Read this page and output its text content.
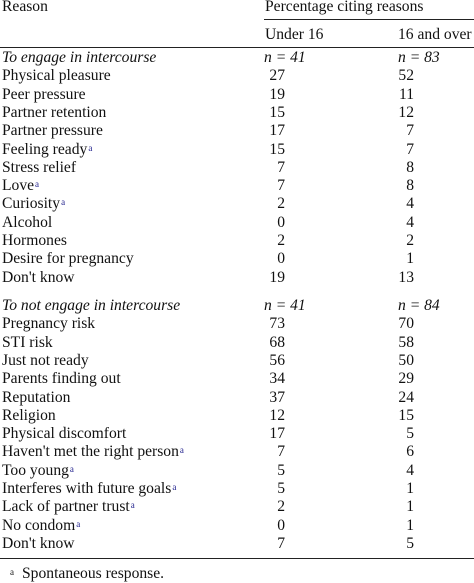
Reason	Percentage citing reasons
Under 16	16 and over
To engage in intercourse	n = 41	n = 83
Physical pleasure	27	52
Peer pressure	19	11
Partner retention	15	12
Partner pressure	17	7
Feeling ready$^a$	15	7
Stress relief	7	8
Love$^a$	7	8
Curiosity$^a$	2	4
Alcohol	0	4
Hormones	2	2
Desire for pregnancy	0	1
Don't know	19	13
To not engage in intercourse	n = 41	n = 84
Pregnancy risk	73	70
STI risk	68	58
Just not ready	56	50
Parents finding out	34	29
Reputation	37	24
Religion	12	15
Physical discomfort	17	5
Haven't met the right person$^a$	7	6
Too young$^a$	5	4
Interferes with future goals$^a$	5	1
Lack of partner trust$^a$	2	1
No condom$^a$	0	1
Don't know	7	5
$^a$ Spontaneous response.
